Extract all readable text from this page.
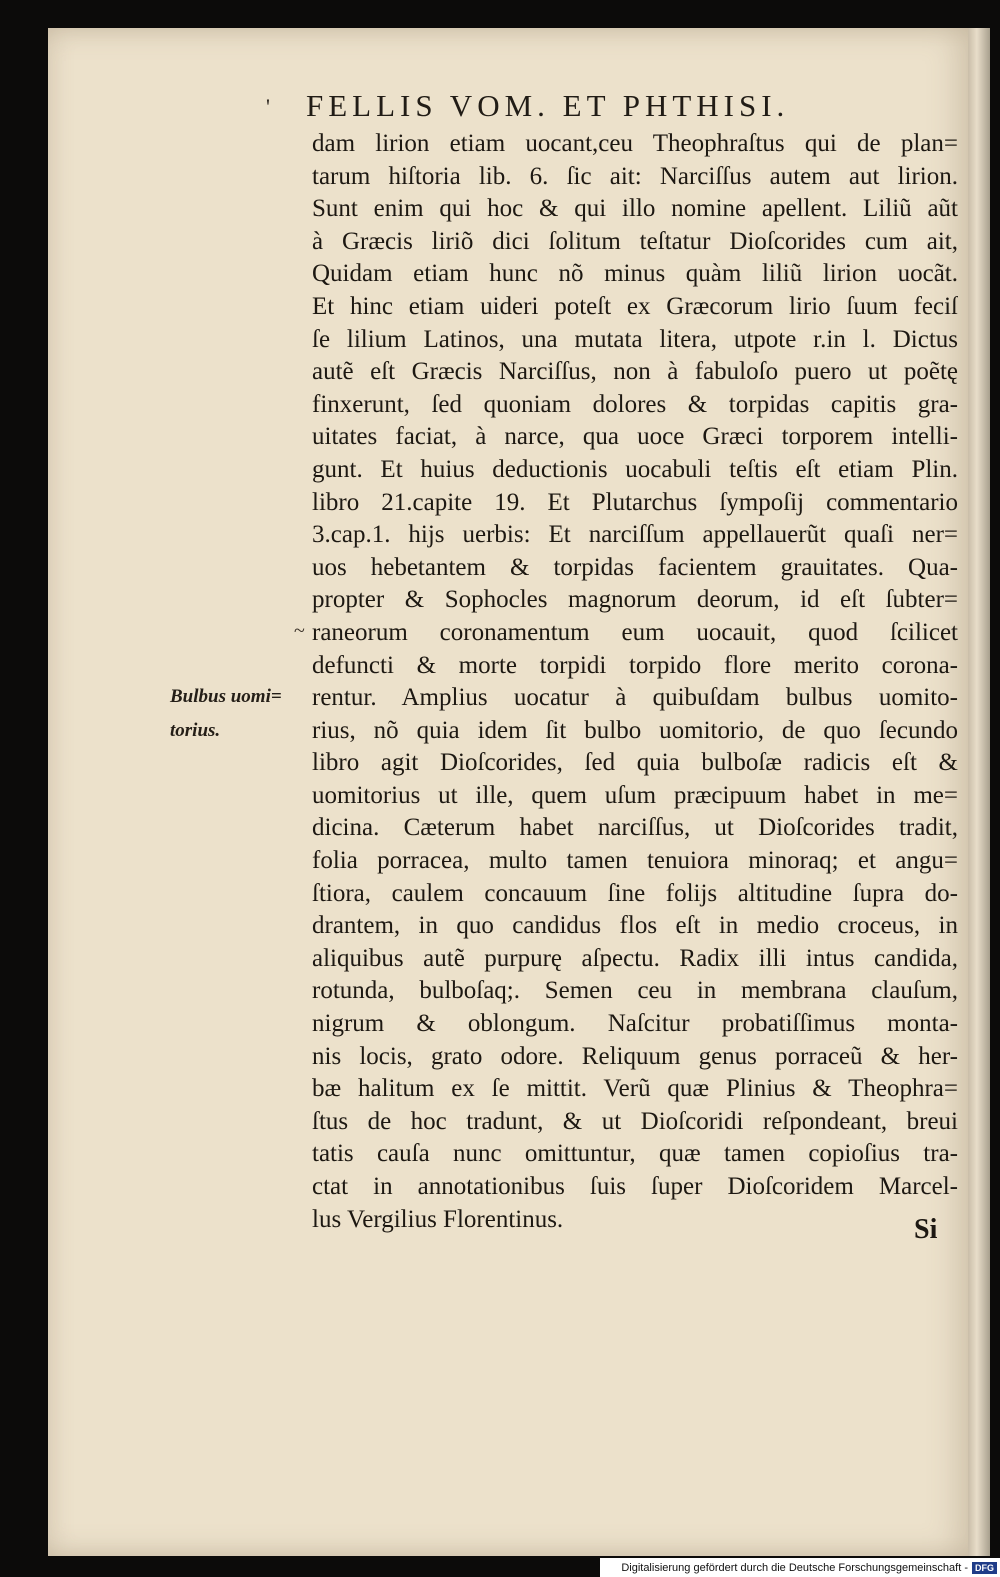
' FELLIS VOM. ET PHTHISI.
Bulbus uomi=
torius.
~
dam lirion etiam uocant,ceu Theophraſtus qui de plan=
tarum hiſtoria lib. 6. ſic ait: Narciſſus autem aut lirion.
Sunt enim qui hoc & qui illo nomine apellent. Liliũ aũt
à Græcis liriõ dici ſolitum teſtatur Dioſcorides cum ait,
Quidam etiam hunc nõ minus quàm liliũ lirion uocãt.
Et hinc etiam uideri poteſt ex Græcorum lirio ſuum feciſ
ſe lilium Latinos, una mutata litera, utpote r.in l. Dictus
autẽ eſt Græcis Narciſſus, non à fabuloſo puero ut poẽtę
finxerunt, ſed quoniam dolores & torpidas capitis gra-
uitates faciat, à narce, qua uoce Græci torporem intelli-
gunt. Et huius deductionis uocabuli teſtis eſt etiam Plin.
libro 21.capite 19. Et Plutarchus ſympoſij commentario
3.cap.1. hijs uerbis: Et narciſſum appellauerũt quaſi ner=
uos hebetantem & torpidas facientem grauitates. Qua-
propter & Sophocles magnorum deorum, id eſt ſubter=
raneorum coronamentum eum uocauit, quod ſcilicet
defuncti & morte torpidi torpido flore merito corona-
rentur. Amplius uocatur à quibuſdam bulbus uomito-
rius, nõ quia idem ſit bulbo uomitorio, de quo ſecundo
libro agit Dioſcorides, ſed quia bulboſæ radicis eſt &
uomitorius ut ille, quem uſum præcipuum habet in me=
dicina. Cæterum habet narciſſus, ut Dioſcorides tradit,
folia porracea, multo tamen tenuiora minoraq; et angu=
ſtiora, caulem concauum ſine folijs altitudine ſupra do-
drantem, in quo candidus flos eſt in medio croceus, in
aliquibus autẽ purpurę aſpectu. Radix illi intus candida,
rotunda, bulboſaq;. Semen ceu in membrana clauſum,
nigrum & oblongum. Naſcitur probatiſſimus monta-
nis locis, grato odore. Reliquum genus porraceũ & her-
bæ halitum ex ſe mittit. Verũ quæ Plinius & Theophra=
ſtus de hoc tradunt, & ut Dioſcoridi reſpondeant, breui
tatis cauſa nunc omittuntur, quæ tamen copioſius tra-
ctat in annotationibus ſuis ſuper Dioſcoridem Marcel-
lus Vergilius Florentinus.	Si
Digitalisierung gefördert durch die Deutsche Forschungsgemeinschaft - DFG
